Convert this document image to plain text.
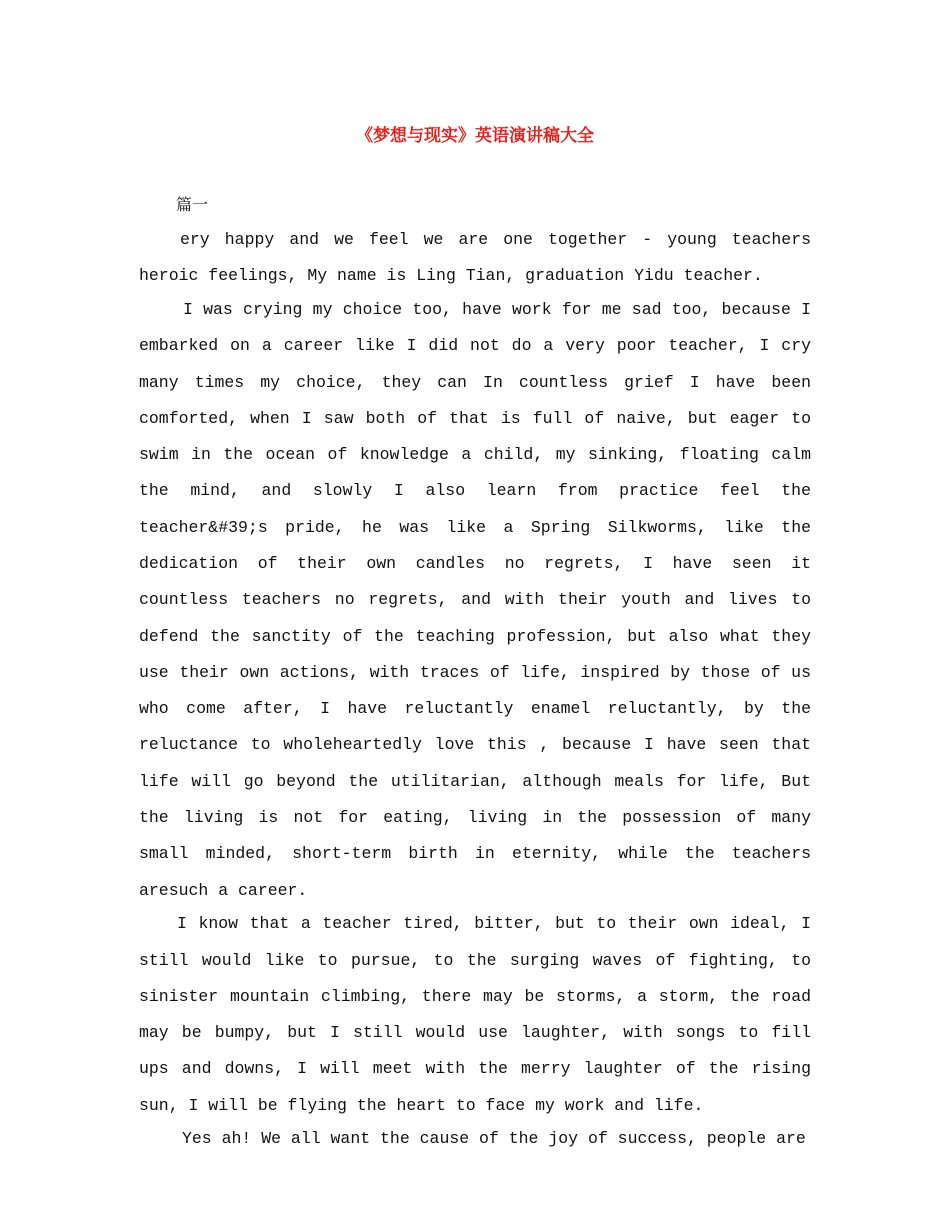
《梦想与现实》英语演讲稿大全
篇一

ery happy and we feel we are one together - young teachers heroic feelings, My name is Ling Tian, graduation Yidu teacher.

I was crying my choice too, have work for me sad too, because I embarked on a career like I did not do a very poor teacher, I cry many times my choice, they can In countless grief I have been comforted, when I saw both of that is full of naive, but eager to swim in the ocean of knowledge a child, my sinking, floating calm the mind, and slowly I also learn from practice feel the teacher&#39;s pride, he was like a Spring Silkworms, like the dedication of their own candles no regrets, I have seen it countless teachers no regrets, and with their youth and lives to defend the sanctity of the teaching profession, but also what they use their own actions, with traces of life, inspired by those of us who come after, I have reluctantly enamel reluctantly, by the reluctance to wholeheartedly love this , because I have seen that life will go beyond the utilitarian, although meals for life, But the living is not for eating, living in the possession of many small minded, short-term birth in eternity, while the teachers aresuch a career.

I know that a teacher tired, bitter, but to their own ideal, I still would like to pursue, to the surging waves of fighting, to sinister mountain climbing, there may be storms, a storm, the road may be bumpy, but I still would use laughter, with songs to fill ups and downs, I will meet with the merry laughter of the rising sun, I will be flying the heart to face my work and life.

Yes ah! We all want the cause of the joy of success, people are
